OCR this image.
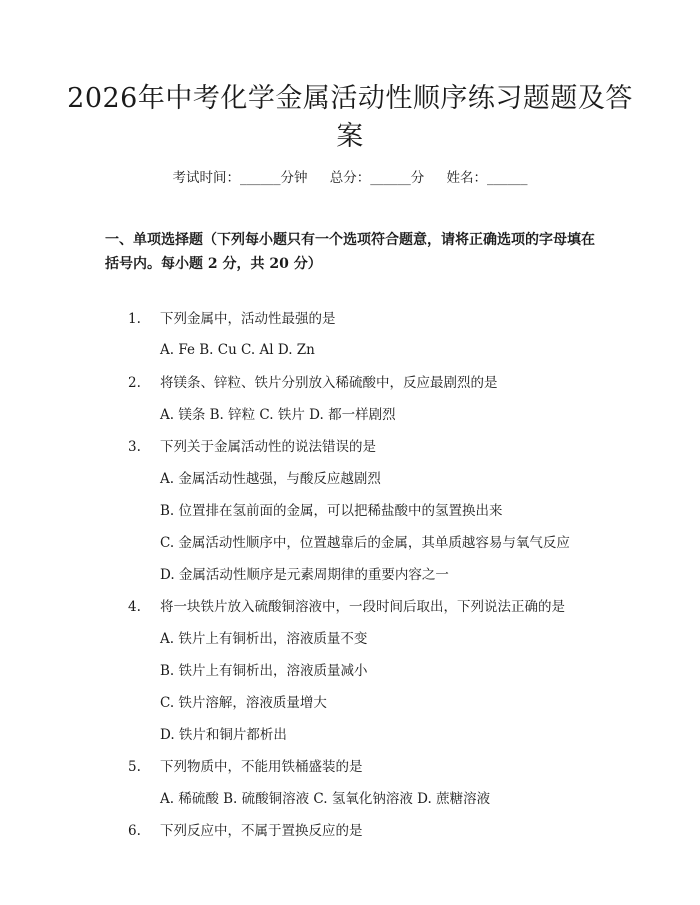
2026年中考化学金属活动性顺序练习题题及答案
考试时间：______分钟 总分：______分 姓名：______

一、单项选择题（下列每小题只有一个选项符合题意，请将正确选项的字母填在括号内。每小题 2 分，共 20 分）

1. 下列金属中，活动性最强的是
A. Fe B. Cu C. Al D. Zn
2. 将镁条、锌粒、铁片分别放入稀硫酸中，反应最剧烈的是
A. 镁条 B. 锌粒 C. 铁片 D. 都一样剧烈
3. 下列关于金属活动性的说法错误的是
A. 金属活动性越强，与酸反应越剧烈
B. 位置排在氢前面的金属，可以把稀盐酸中的氢置换出来
C. 金属活动性顺序中，位置越靠后的金属，其单质越容易与氧气反应
D. 金属活动性顺序是元素周期律的重要内容之一
4. 将一块铁片放入硫酸铜溶液中，一段时间后取出，下列说法正确的是
A. 铁片上有铜析出，溶液质量不变
B. 铁片上有铜析出，溶液质量减小
C. 铁片溶解，溶液质量增大
D. 铁片和铜片都析出
5. 下列物质中，不能用铁桶盛装的是
A. 稀硫酸 B. 硫酸铜溶液 C. 氢氧化钠溶液 D. 蔗糖溶液
6. 下列反应中，不属于置换反应的是
